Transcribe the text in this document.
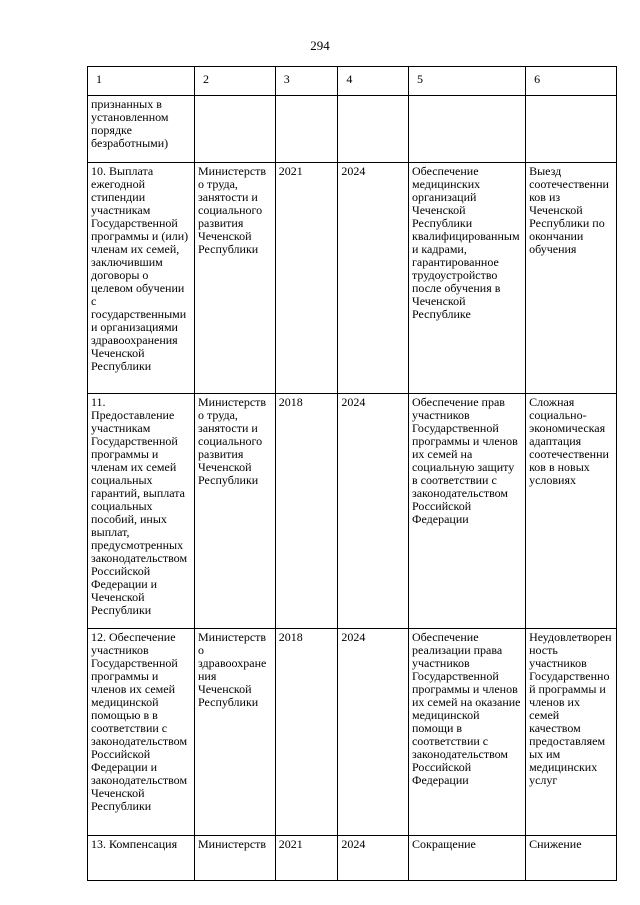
294
1	2	3	4	5	6
признанных в установленном порядке безработными)					
10. Выплата ежегодной стипендии участникам Государственной программы и (или) членам их семей, заключившим договоры о целевом обучении с государственными и организациями здравоохранения Чеченской Республики	Министерство труда, занятости и социального развития Чеченской Республики	2021	2024	Обеспечение медицинских организаций Чеченской Республики квалифицированными кадрами, гарантированное трудоустройство после обучения в Чеченской Республике	Выезд соотечественников из Чеченской Республики по окончании обучения
11. Предоставление участникам Государственной программы и членам их семей социальных гарантий, выплата социальных пособий, иных выплат, предусмотренных законодательством Российской Федерации и Чеченской Республики	Министерство труда, занятости и социального развития Чеченской Республики	2018	2024	Обеспечение прав участников Государственной программы и членов их семей на социальную защиту в соответствии с законодательством Российской Федерации	Сложная социально-экономическая адаптация соотечественников в новых условиях
12. Обеспечение участников Государственной программы и членов их семей медицинской помощью в в соответствии с законодательством Российской Федерации и законодательством Чеченской Республики	Министерство здравоохранения Чеченской Республики	2018	2024	Обеспечение реализации права участников Государственной программы и членов их семей на оказание медицинской помощи в соответствии с законодательством Российской Федерации	Неудовлетворенность участников Государственной программы и членов их семей качеством предоставляемых им медицинских услуг
13. Компенсация	Министерств	2021	2024	Сокращение	Снижение
